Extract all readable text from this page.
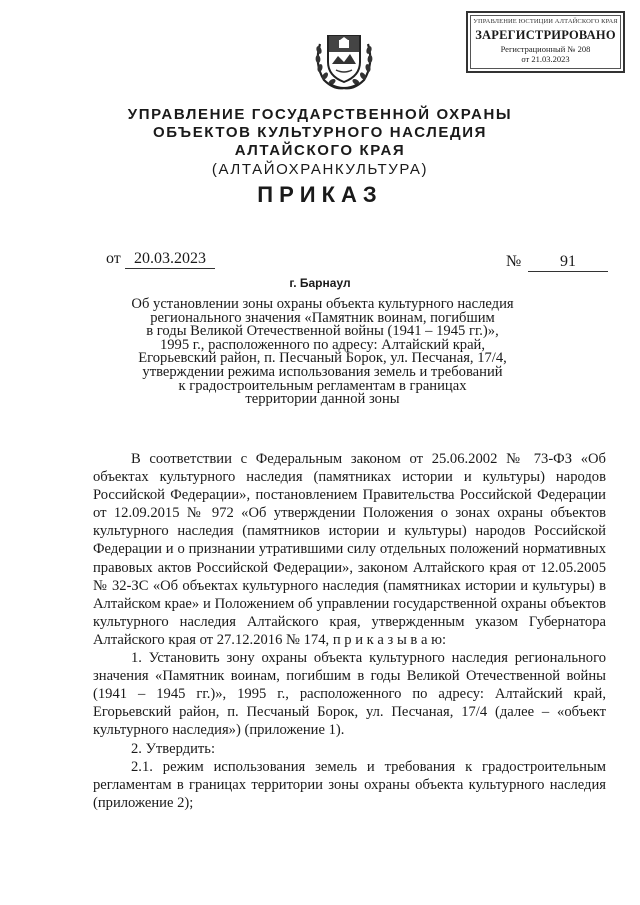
УПРАВЛЕНИЕ ЮСТИЦИИ АЛТАЙСКОГО КРАЯ
ЗАРЕГИСТРИРОВАНО
Регистрационный № 208
от 21.03.2023
УПРАВЛЕНИЕ ГОСУДАРСТВЕННОЙ ОХРАНЫ
ОБЪЕКТОВ КУЛЬТУРНОГО НАСЛЕДИЯ
АЛТАЙСКОГО КРАЯ
(АЛТАЙОХРАНКУЛЬТУРА)
ПРИКАЗ
от 20.03.2023	№	91
г. Барнаул
Об установлении зоны охраны объекта культурного наследия
регионального значения «Памятник воинам, погибшим
в годы Великой Отечественной войны (1941 – 1945 гг.)»,
1995 г., расположенного по адресу: Алтайский край,
Егорьевский район, п. Песчаный Борок, ул. Песчаная, 17/4,
утверждении режима использования земель и требований
к градостроительным регламентам в границах
территории данной зоны

В соответствии с Федеральным законом от 25.06.2002 № 73-ФЗ «Об объектах культурного наследия (памятниках истории и культуры) народов Российской Федерации», постановлением Правительства Российской Федерации от 12.09.2015 № 972 «Об утверждении Положения о зонах охраны объектов культурного наследия (памятников истории и культуры) народов Российской Федерации и о признании утратившими силу отдельных положений нормативных правовых актов Российской Федерации», законом Алтайского края от 12.05.2005 № 32-ЗС «Об объектах культурного наследия (памятниках истории и культуры) в Алтайском крае» и Положением об управлении государственной охраны объектов культурного наследия Алтайского края, утвержденным указом Губернатора Алтайского края от 27.12.2016 № 174, п р и к а з ы в а ю:

1. Установить зону охраны объекта культурного наследия регионального значения «Памятник воинам, погибшим в годы Великой Отечественной войны (1941 – 1945 гг.)», 1995 г., расположенного по адресу: Алтайский край, Егорьевский район, п. Песчаный Борок, ул. Песчаная, 17/4 (далее – «объект культурного наследия») (приложение 1).

2. Утвердить:

2.1. режим использования земель и требования к градостроительным регламентам в границах территории зоны охраны объекта культурного наследия (приложение 2);
